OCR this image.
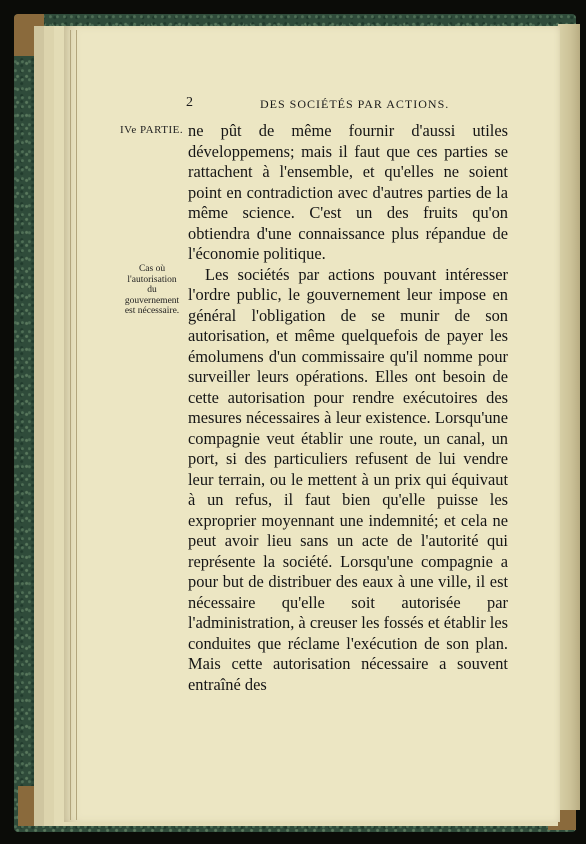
2	DES SOCIÉTÉS PAR ACTIONS.
IVe PARTIE.
Cas où
l'autorisation
du
gouvernement
est nécessaire.

ne pût de même fournir d'aussi utiles développemens; mais il faut que ces parties se rattachent à l'ensemble, et qu'elles ne soient point en contradiction avec d'autres parties de la même science. C'est un des fruits qu'on obtiendra d'une connaissance plus répandue de l'économie politique.

Les sociétés par actions pouvant intéresser l'ordre public, le gouvernement leur impose en général l'obligation de se munir de son autorisation, et même quelquefois de payer les émolumens d'un commissaire qu'il nomme pour surveiller leurs opérations. Elles ont besoin de cette autorisation pour rendre exécutoires des mesures nécessaires à leur existence. Lorsqu'une compagnie veut établir une route, un canal, un port, si des particuliers refusent de lui vendre leur terrain, ou le mettent à un prix qui équivaut à un refus, il faut bien qu'elle puisse les exproprier moyennant une indemnité; et cela ne peut avoir lieu sans un acte de l'autorité qui représente la société. Lorsqu'une compagnie a pour but de distribuer des eaux à une ville, il est nécessaire qu'elle soit autorisée par l'administration, à creuser les fossés et établir les conduites que réclame l'exécution de son plan. Mais cette autorisation nécessaire a souvent entraîné des
